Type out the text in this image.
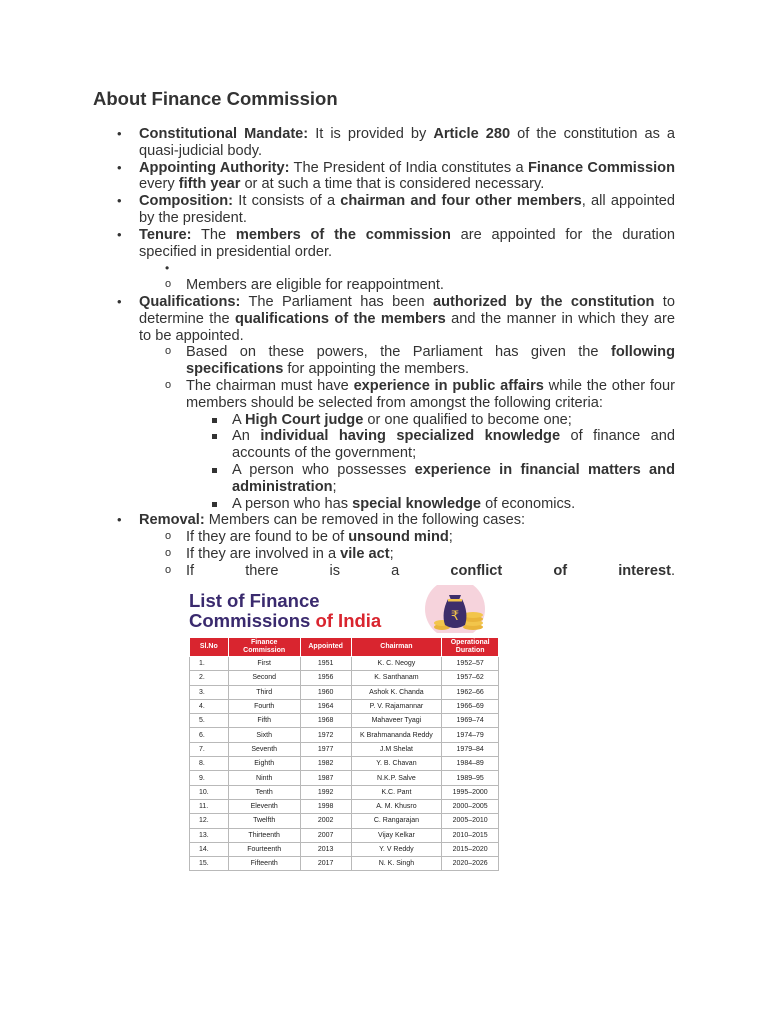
About Finance Commission
• Constitutional Mandate: It is provided by Article 280 of the constitution as a quasi-judicial body.
• Appointing Authority: The President of India constitutes a Finance Commission every fifth year or at such a time that is considered necessary.
• Composition: It consists of a chairman and four other members, all appointed by the president.
• Tenure: The members of the commission are appointed for the duration specified in presidential order.
•
o Members are eligible for reappointment.
• Qualifications: The Parliament has been authorized by the constitution to determine the qualifications of the members and the manner in which they are to be appointed.
o Based on these powers, the Parliament has given the following specifications for appointing the members.
o The chairman must have experience in public affairs while the other four members should be selected from amongst the following criteria:
A High Court judge or one qualified to become one;
An individual having specialized knowledge of finance and accounts of the government;
A person who possesses experience in financial matters and administration;
A person who has special knowledge of economics.
• Removal: Members can be removed in the following cases:
o If they are found to be of unsound mind;
o If they are involved in a vile act;
o If there is a conflict of interest.
List of Finance
Commissions of India	₹
Sl.No	Finance Commission	Appointed	Chairman	Operational Duration
1.	First	1951	K. C. Neogy	1952–57
2.	Second	1956	K. Santhanam	1957–62
3.	Third	1960	Ashok K. Chanda	1962–66
4.	Fourth	1964	P. V. Rajamannar	1966–69
5.	Fifth	1968	Mahaveer Tyagi	1969–74
6.	Sixth	1972	K Brahmananda Reddy	1974–79
7.	Seventh	1977	J.M Shelat	1979–84
8.	Eighth	1982	Y. B. Chavan	1984–89
9.	Ninth	1987	N.K.P. Salve	1989–95
10.	Tenth	1992	K.C. Pant	1995–2000
11.	Eleventh	1998	A. M. Khusro	2000–2005
12.	Twelfth	2002	C. Rangarajan	2005–2010
13.	Thirteenth	2007	Vijay Kelkar	2010–2015
14.	Fourteenth	2013	Y. V Reddy	2015–2020
15.	Fifteenth	2017	N. K. Singh	2020–2026
